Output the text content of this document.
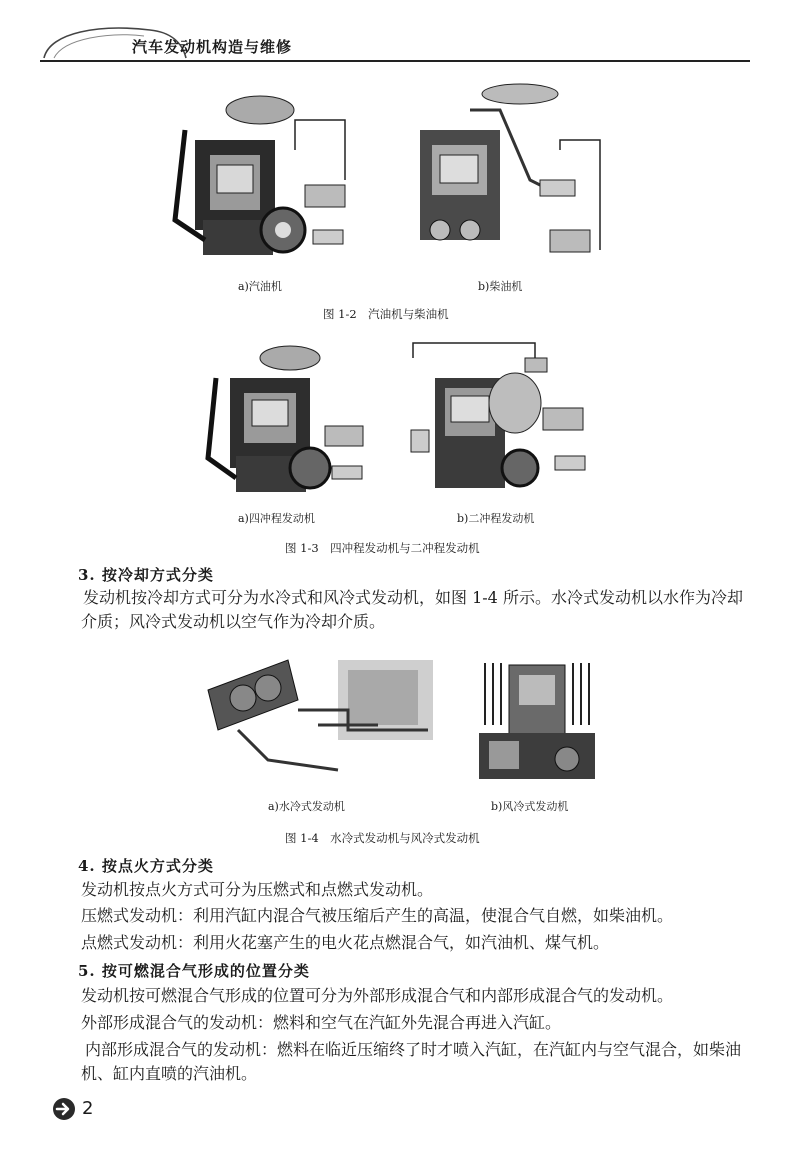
汽车发动机构造与维修
a)汽油机	b)柴油机
图 1-2　汽油机与柴油机
a)四冲程发动机	b)二冲程发动机
图 1-3　四冲程发动机与二冲程发动机
3. 按冷却方式分类
发动机按冷却方式可分为水冷式和风冷式发动机，如图 1-4 所示。水冷式发动机以水作为冷却介质；风冷式发动机以空气作为冷却介质。
a)水冷式发动机	b)风冷式发动机
图 1-4　水冷式发动机与风冷式发动机
4. 按点火方式分类
发动机按点火方式可分为压燃式和点燃式发动机。
压燃式发动机：利用汽缸内混合气被压缩后产生的高温，使混合气自燃，如柴油机。
点燃式发动机：利用火花塞产生的电火花点燃混合气，如汽油机、煤气机。
5. 按可燃混合气形成的位置分类
发动机按可燃混合气形成的位置可分为外部形成混合气和内部形成混合气的发动机。
外部形成混合气的发动机：燃料和空气在汽缸外先混合再进入汽缸。
内部形成混合气的发动机：燃料在临近压缩终了时才喷入汽缸，在汽缸内与空气混合，如柴油机、缸内直喷的汽油机。
2
